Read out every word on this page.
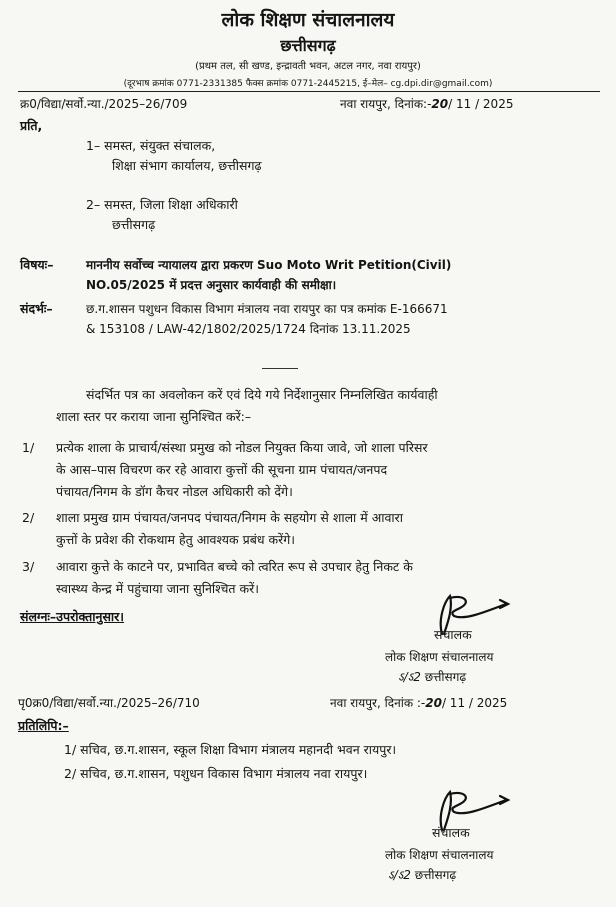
लोक शिक्षण संचालनालय
छत्तीसगढ़
(प्रथम तल, सी खण्ड, इन्द्रावती भवन, अटल नगर, नवा रायपुर)
(दूरभाष क्रमांक 0771-2331385 फैक्स क्रमांक 0771-2445215, ई–मेल– cg.dpi.dir@gmail.com)
क्र0/विद्या/सर्वो.न्या./2025–26/709	नवा रायपुर, दिनांक:-20/ 11 / 2025
प्रति,
1– समस्त, संयुक्त संचालक,
शिक्षा संभाग कार्यालय, छत्तीसगढ़
2– समस्त, जिला शिक्षा अधिकारी
छत्तीसगढ़
विषयः–	माननीय सर्वोच्च न्यायालय द्वारा प्रकरण Suo Moto Writ Petition(Civil)
NO.05/2025 में प्रदत्त अनुसार कार्यवाही की समीक्षा।
संदर्भः–	छ.ग.शासन पशुधन विकास विभाग मंत्रालय नवा रायपुर का पत्र कमांक E-166671
& 153108 / LAW-42/1802/2025/1724 दिनांक 13.11.2025
संदर्भित पत्र का अवलोकन करें एवं दिये गये निर्देशानुसार निम्नलिखित कार्यवाही
शाला स्तर पर कराया जाना सुनिश्चित करें:–
1/ प्रत्येक शाला के प्राचार्य/संस्था प्रमुख को नोडल नियुक्त किया जावे, जो शाला परिसर
के आस–पास विचरण कर रहे आवारा कुत्तों की सूचना ग्राम पंचायत/जनपद
पंचायत/निगम के डॉग कैचर नोडल अधिकारी को देंगे।
2/ शाला प्रमुख ग्राम पंचायत/जनपद पंचायत/निगम के सहयोग से शाला में आवारा
कुत्तों के प्रवेश की रोकथाम हेतु आवश्यक प्रबंध करेंगे।
3/ आवारा कुत्ते के काटने पर, प्रभावित बच्चे को त्वरित रूप से उपचार हेतु निकट के
स्वास्थ्य केन्द्र में पहुंचाया जाना सुनिश्चित करें।
संलग्नः–उपरोक्तानुसार।
संचालक
लोक शिक्षण संचालनालय
ऽ/ऽ2 छत्तीसगढ़
पृ0क्र0/विद्या/सर्वो.न्या./2025–26/710	नवा रायपुर, दिनांक :-20/ 11 / 2025
प्रतिलिपि:–
1/ सचिव, छ.ग.शासन, स्कूल शिक्षा विभाग मंत्रालय महानदी भवन रायपुर।
2/ सचिव, छ.ग.शासन, पशुधन विकास विभाग मंत्रालय नवा रायपुर।
संचालक
लोक शिक्षण संचालनालय
ऽ/ऽ2 छत्तीसगढ़
